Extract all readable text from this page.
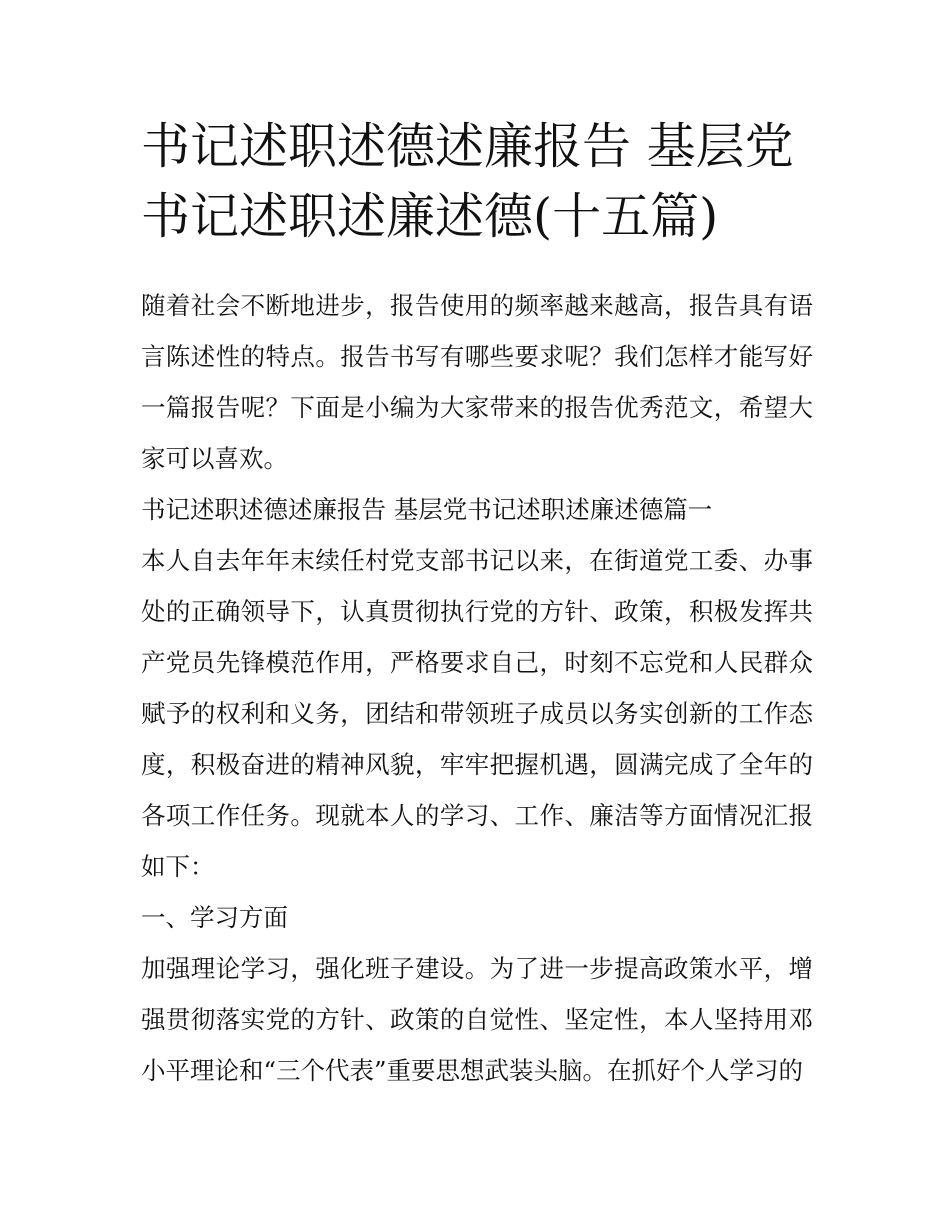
书记述职述德述廉报告 基层党书记述职述廉述德(十五篇)

随着社会不断地进步，报告使用的频率越来越高，报告具有语言陈述性的特点。报告书写有哪些要求呢？我们怎样才能写好一篇报告呢？下面是小编为大家带来的报告优秀范文，希望大家可以喜欢。

书记述职述德述廉报告 基层党书记述职述廉述德篇一

本人自去年年末续任村党支部书记以来，在街道党工委、办事处的正确领导下，认真贯彻执行党的方针、政策，积极发挥共产党员先锋模范作用，严格要求自己，时刻不忘党和人民群众赋予的权利和义务，团结和带领班子成员以务实创新的工作态度，积极奋进的精神风貌，牢牢把握机遇，圆满完成了全年的各项工作任务。现就本人的学习、工作、廉洁等方面情况汇报如下：

一、学习方面

加强理论学习，强化班子建设。为了进一步提高政策水平，增强贯彻落实党的方针、政策的自觉性、坚定性，本人坚持用邓小平理论和“三个代表”重要思想武装头脑。在抓好个人学习的
